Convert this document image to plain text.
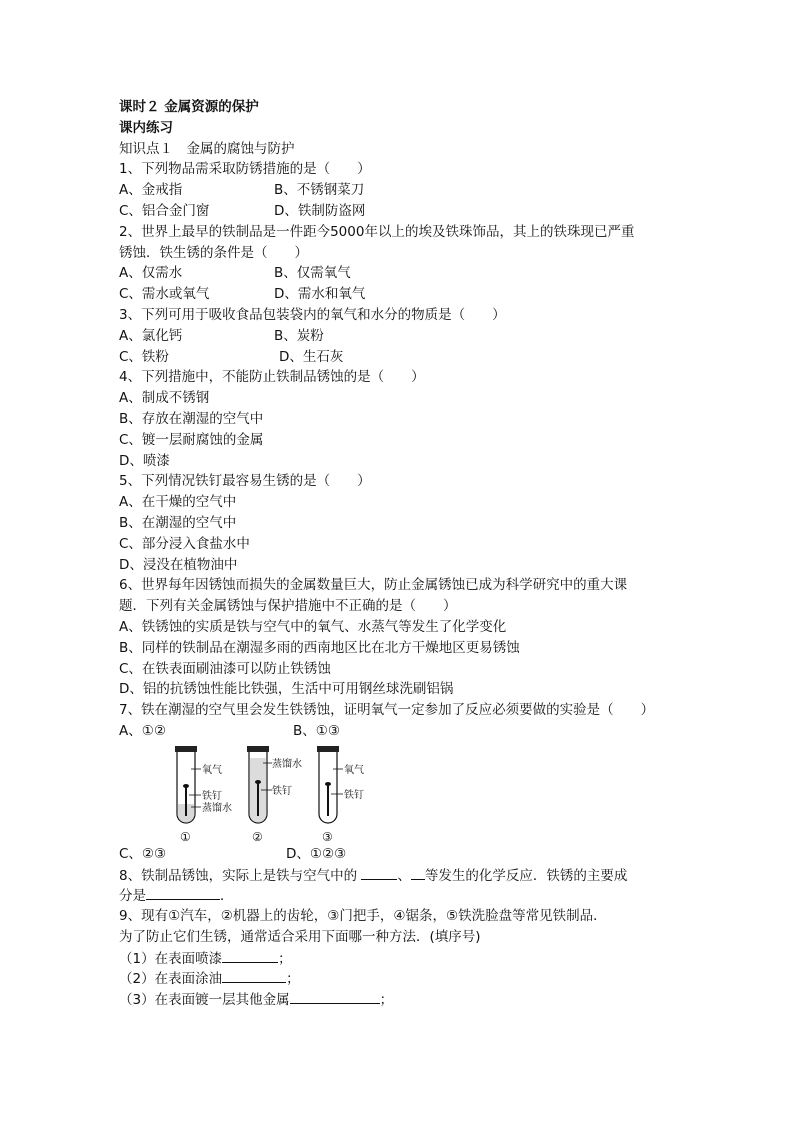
课时２ 金属资源的保护
课内练习
知识点１　金属的腐蚀与防护
1、下列物品需采取防锈措施的是（　　）
A、金戒指	B、不锈钢菜刀
C、铝合金门窗	D、铁制防盗网
2、世界上最早的铁制品是一件距今5000年以上的埃及铁珠饰品，其上的铁珠现已严重
锈蚀．铁生锈的条件是（　　）
A、仅需水	B、仅需氧气
C、需水或氧气	D、需水和氧气
3、下列可用于吸收食品包装袋内的氧气和水分的物质是（　　）
A、氯化钙	B、炭粉
C、铁粉	D、生石灰
4、下列措施中，不能防止铁制品锈蚀的是（　　）
A、制成不锈钢
B、存放在潮湿的空气中
C、镀一层耐腐蚀的金属
D、喷漆
5、下列情况铁钉最容易生锈的是（　　）
A、在干燥的空气中
B、在潮湿的空气中
C、部分浸入食盐水中
D、浸没在植物油中
6、世界每年因锈蚀而损失的金属数量巨大，防止金属锈蚀已成为科学研究中的重大课
题．下列有关金属锈蚀与保护措施中不正确的是（　　）
A、铁锈蚀的实质是铁与空气中的氧气、水蒸气等发生了化学变化
B、同样的铁制品在潮湿多雨的西南地区比在北方干燥地区更易锈蚀
C、在铁表面刷油漆可以防止铁锈蚀
D、铝的抗锈蚀性能比铁强，生活中可用钢丝球洗刷铝锅
7、铁在潮湿的空气里会发生铁锈蚀，证明氧气一定参加了反应必须要做的实验是（　　）
A、①②	B、①③
氧气
铁钉
蒸馏水
①
蒸馏水
铁钉
②
氧气
铁钉
③
C、②③	D、①②③
8、铁制品锈蚀，实际上是铁与空气中的	、 等发生的化学反应．铁锈的主要成
分是	．
9、现有①汽车，②机器上的齿轮，③门把手，④锯条，⑤铁洗脸盘等常见铁制品．
为了防止它们生锈，通常适合采用下面哪一种方法．(填序号)
（1）在表面喷漆	；
（2）在表面涂油	；
（3）在表面镀一层其他金属	；
